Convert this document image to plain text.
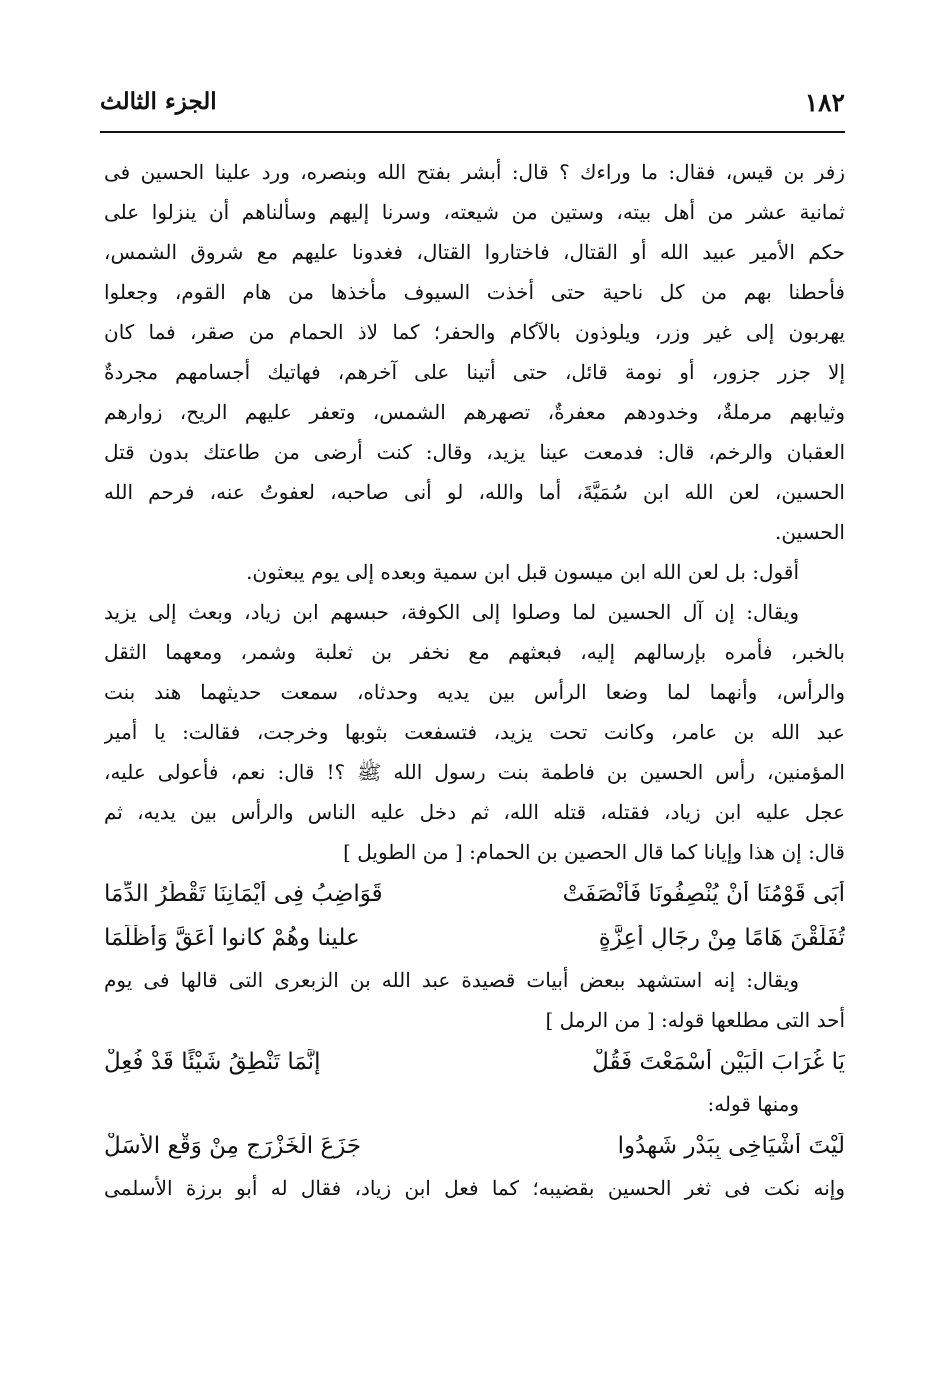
١٨٢
الجزء الثالث
زفر بن قيس، فقال: ما وراءك ؟ قال: أبشر بفتح الله وبنصره، ورد علينا الحسين فى
ثمانية عشر من أهل بيته، وستين من شيعته، وسرنا إليهم وسألناهم أن ينزلوا على
حكم الأمير عبيد الله أو القتال، فاختاروا القتال، فغدونا عليهم مع شروق الشمس،
فأحطنا بهم من كل ناحية حتى أخذت السيوف مأخذها من هام القوم، وجعلوا
يهربون إلى غير وزر، ويلوذون بالآكام والحفر؛ كما لاذ الحمام من صقر، فما كان
إلا جزر جزور، أو نومة قائل، حتى أتينا على آخرهم، فهاتيك أجسامهم مجردةٌ
وثيابهم مرملةٌ، وخدودهم معفرةٌ، تصهرهم الشمس، وتعفر عليهم الريح، زوارهم
العقبان والرخم، قال: فدمعت عينا يزيد، وقال: كنت أرضى من طاعتك بدون قتل
الحسين، لعن الله ابن سُمَيَّةَ، أما والله، لو أنى صاحبه، لعفوتُ عنه، فرحم الله
الحسين.
أقول: بل لعن الله ابن ميسون قبل ابن سمية وبعده إلى يوم يبعثون.
ويقال: إن آل الحسين لما وصلوا إلى الكوفة، حبسهم ابن زياد، وبعث إلى يزيد
بالخبر، فأمره بإرسالهم إليه، فبعثهم مع نخفر بن ثعلبة وشمر، ومعهما الثقل
والرأس، وأنهما لما وضعا الرأس بين يديه وحدثاه، سمعت حديثهما هند بنت
عبد الله بن عامر، وكانت تحت يزيد، فتسفعت بثوبها وخرجت، فقالت: يا أمير
المؤمنين، رأس الحسين بن فاطمة بنت رسول الله ﷺ ؟! قال: نعم، فأعولى عليه،
عجل عليه ابن زياد، فقتله، قتله الله، ثم دخل عليه الناس والرأس بين يديه، ثم
قال: إن هذا وإيانا كما قال الحصين بن الحمام: [ من الطويل ]
أَبَى قَوْمُنَا أَنْ يُنْصِفُونَا فَأَنْصَفَتْ
قَوَاضِبُ فِى أَيْمَانِنَا تَقْطُرُ الدِّمَا
تُفَلِّقْنَ هَامًا مِنْ رِجَالٍ أَعِزَّةٍ
علينا وهُمْ كانوا أَعَقَّ وَأَظْلَمَا
ويقال: إنه استشهد ببعض أبيات قصيدة عبد الله بن الزبعرى التى قالها فى يوم
أحد التى مطلعها قوله: [ من الرمل ]
يَا غُرَابَ الْبَيْنِ أَسْمَعْتَ فَقُلْ
إِنَّمَا تَنْطِقُ شَيْئًا قَدْ فُعِلْ
ومنها قوله:
لَيْتَ أَشْيَاخِى بِبَدْرٍ شَهِدُوا
جَزَعَ الْخَزْرَجِ مِنْ وَقْعِ الأَسَلْ
وإنه نكت فى ثغر الحسين بقضيبه؛ كما فعل ابن زياد، فقال له أبو برزة الأسلمى
